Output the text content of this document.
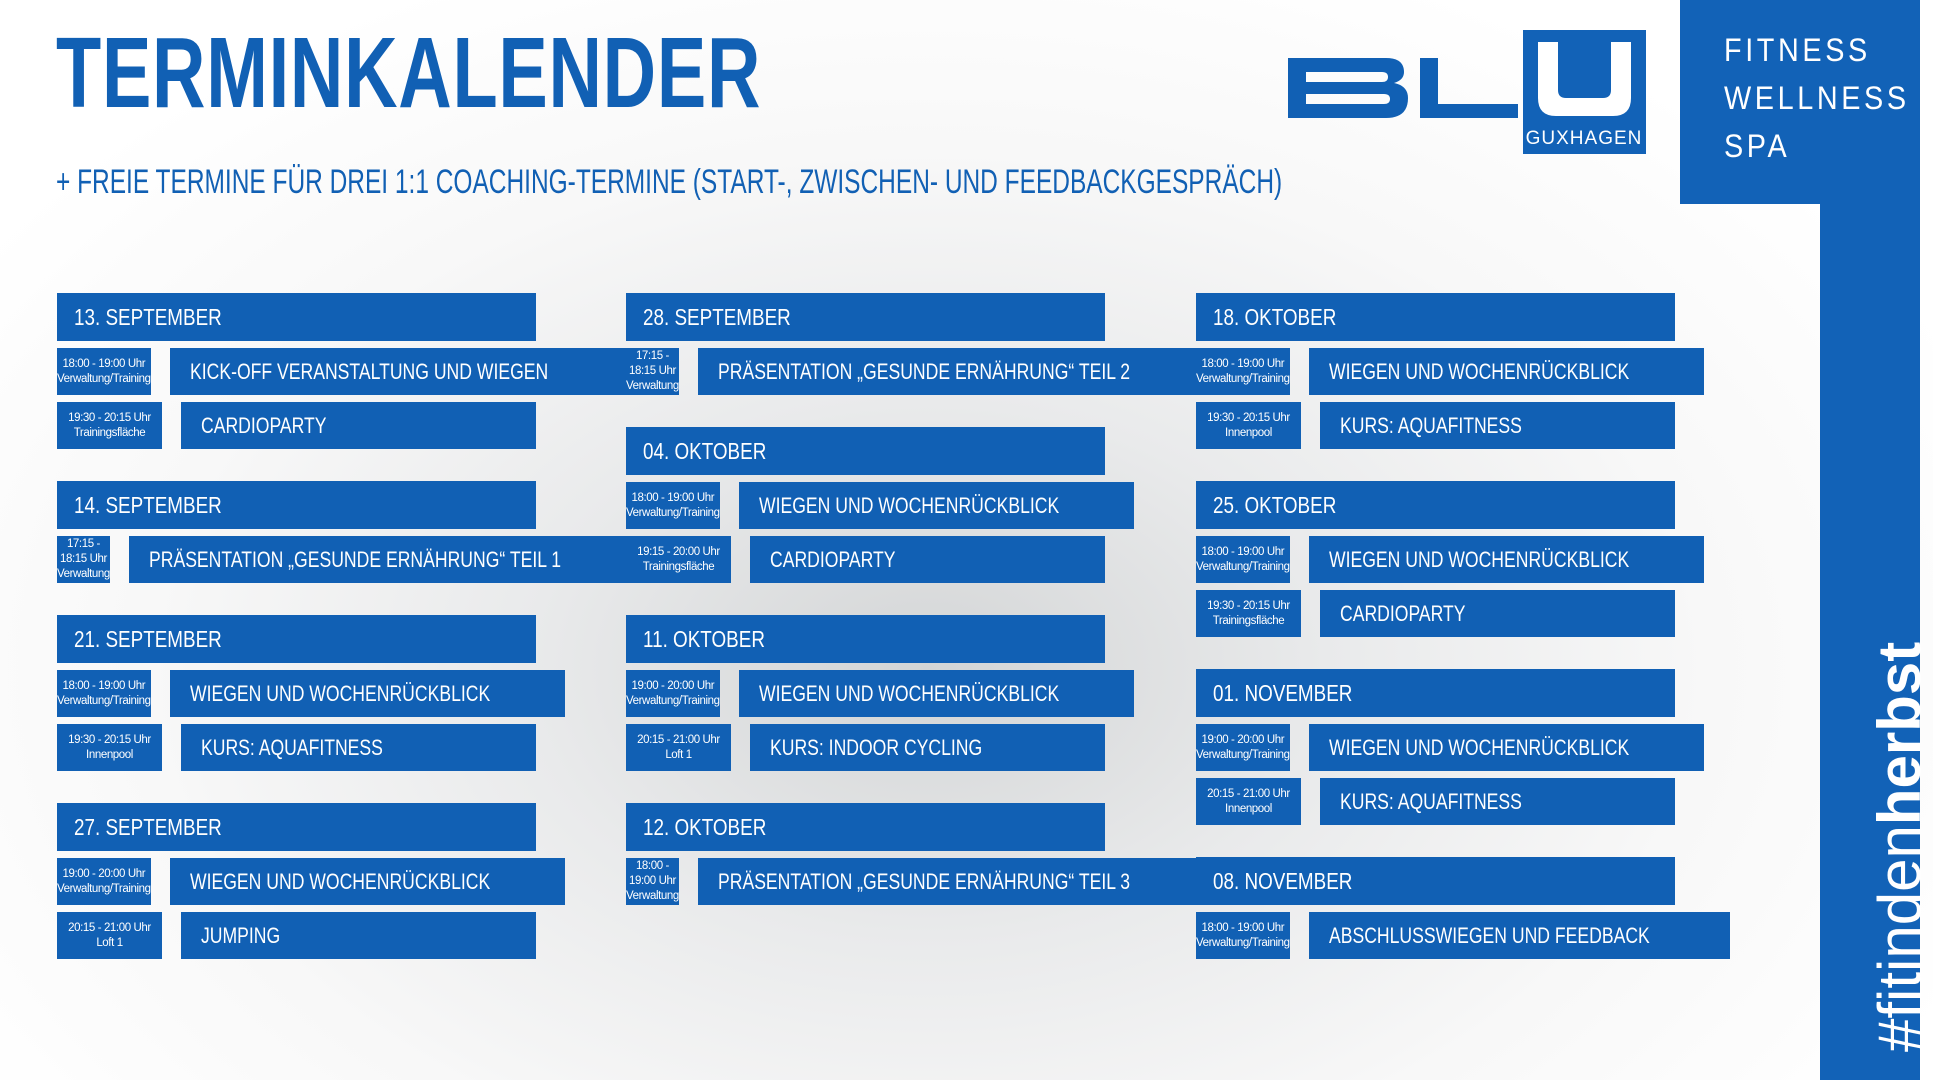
TERMINKALENDER
+ FREIE TERMINE FÜR DREI 1:1 COACHING-TERMINE (START-, ZWISCHEN- UND FEEDBACKGESPRÄCH)
GUXHAGEN
FITNESS
WELLNESS
SPA
#fitindenherbst
13. SEPTEMBER
18:00 - 19:00 Uhr
Verwaltung/Training	KICK-OFF VERANSTALTUNG UND WIEGEN
19:30 - 20:15 Uhr
Trainingsfläche	CARDIOPARTY
14. SEPTEMBER
17:15 - 18:15 Uhr
Verwaltung
PRÄSENTATION „GESUNDE ERNÄHRUNG“ TEIL 1
21. SEPTEMBER
18:00 - 19:00 Uhr
Verwaltung/Training	WIEGEN UND WOCHENRÜCKBLICK
19:30 - 20:15 Uhr
Innenpool	KURS: AQUAFITNESS
27. SEPTEMBER
19:00 - 20:00 Uhr
Verwaltung/Training	WIEGEN UND WOCHENRÜCKBLICK
20:15 - 21:00 Uhr
Loft 1	JUMPING
28. SEPTEMBER
17:15 - 18:15 Uhr
Verwaltung
PRÄSENTATION „GESUNDE ERNÄHRUNG“ TEIL 2
04. OKTOBER
18:00 - 19:00 Uhr
Verwaltung/Training	WIEGEN UND WOCHENRÜCKBLICK
19:15 - 20:00 Uhr
Trainingsfläche	CARDIOPARTY
11. OKTOBER
19:00 - 20:00 Uhr
Verwaltung/Training	WIEGEN UND WOCHENRÜCKBLICK
20:15 - 21:00 Uhr
Loft 1	KURS: INDOOR CYCLING
12. OKTOBER
18:00 - 19:00 Uhr
Verwaltung
PRÄSENTATION „GESUNDE ERNÄHRUNG“ TEIL 3
18. OKTOBER
18:00 - 19:00 Uhr
Verwaltung/Training	WIEGEN UND WOCHENRÜCKBLICK
19:30 - 20:15 Uhr
Innenpool	KURS: AQUAFITNESS
25. OKTOBER
18:00 - 19:00 Uhr
Verwaltung/Training	WIEGEN UND WOCHENRÜCKBLICK
19:30 - 20:15 Uhr
Trainingsfläche	CARDIOPARTY
01. NOVEMBER
19:00 - 20:00 Uhr
Verwaltung/Training	WIEGEN UND WOCHENRÜCKBLICK
20:15 - 21:00 Uhr
Innenpool	KURS: AQUAFITNESS
08. NOVEMBER
18:00 - 19:00 Uhr
Verwaltung/Training	ABSCHLUSSWIEGEN UND FEEDBACK
